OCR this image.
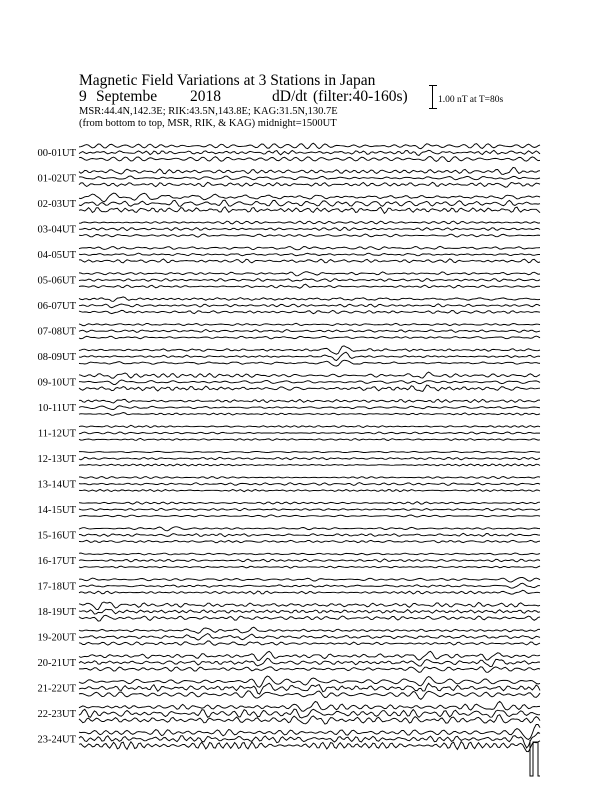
Magnetic Field Variations at 3 Stations in Japan
9 Septembe 2018	dD/dt (filter:40-160s)
MSR:44.4N,142.3E; RIK:43.5N,143.8E; KAG:31.5N,130.7E
(from bottom to top, MSR, RIK, & KAG) midnight=1500UT
1.00 nT at T=80s
00-01UT
01-02UT
02-03UT
03-04UT
04-05UT
05-06UT
06-07UT
07-08UT
08-09UT
09-10UT
10-11UT
11-12UT
12-13UT
13-14UT
14-15UT
15-16UT
16-17UT
17-18UT
18-19UT
19-20UT
20-21UT
21-22UT
22-23UT
23-24UT
